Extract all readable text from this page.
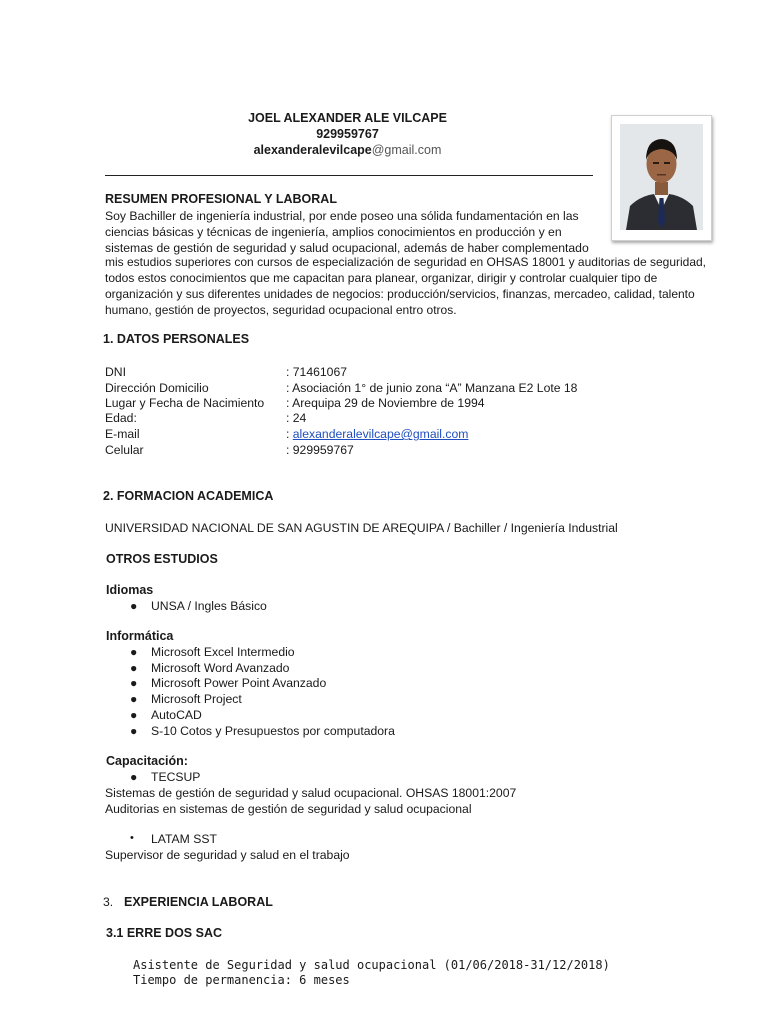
JOEL ALEXANDER ALE VILCAPE
929959767
alexanderalevilcape@gmail.com
RESUMEN PROFESIONAL Y LABORAL
Soy Bachiller de ingeniería industrial, por ende poseo una sólida fundamentación en las
ciencias básicas y técnicas de ingeniería, amplios conocimientos en producción y en
sistemas de gestión de seguridad y salud ocupacional, además de haber complementado
mis estudios superiores con cursos de especialización de seguridad en OHSAS 18001 y auditorias de seguridad,
todos estos conocimientos que me capacitan para planear, organizar, dirigir y controlar cualquier tipo de
organización y sus diferentes unidades de negocios: producción/servicios, finanzas, mercadeo, calidad, talento
humano, gestión de proyectos, seguridad ocupacional entro otros.
1. DATOS PERSONALES
DNI	: 71461067
Dirección Domicilio	: Asociación 1° de junio zona “A” Manzana E2 Lote 18
Lugar y Fecha de Nacimiento : Arequipa 29 de Noviembre de 1994
Edad:	: 24
E-mail	: alexanderalevilcape@gmail.com
Celular	: 929959767
2. FORMACION ACADEMICA
UNIVERSIDAD NACIONAL DE SAN AGUSTIN DE AREQUIPA / Bachiller / Ingeniería Industrial
OTROS ESTUDIOS
Idiomas
● UNSA / Ingles Básico
Informática
● Microsoft Excel Intermedio
● Microsoft Word Avanzado
● Microsoft Power Point Avanzado
● Microsoft Project
● AutoCAD
● S-10 Cotos y Presupuestos por computadora
Capacitación:
● TECSUP
Sistemas de gestión de seguridad y salud ocupacional. OHSAS 18001:2007
Auditorias en sistemas de gestión de seguridad y salud ocupacional
• LATAM SST
Supervisor de seguridad y salud en el trabajo
3. EXPERIENCIA LABORAL
3.1 ERRE DOS SAC
Asistente de Seguridad y salud ocupacional (01/06/2018-31/12/2018)
Tiempo de permanencia: 6 meses
